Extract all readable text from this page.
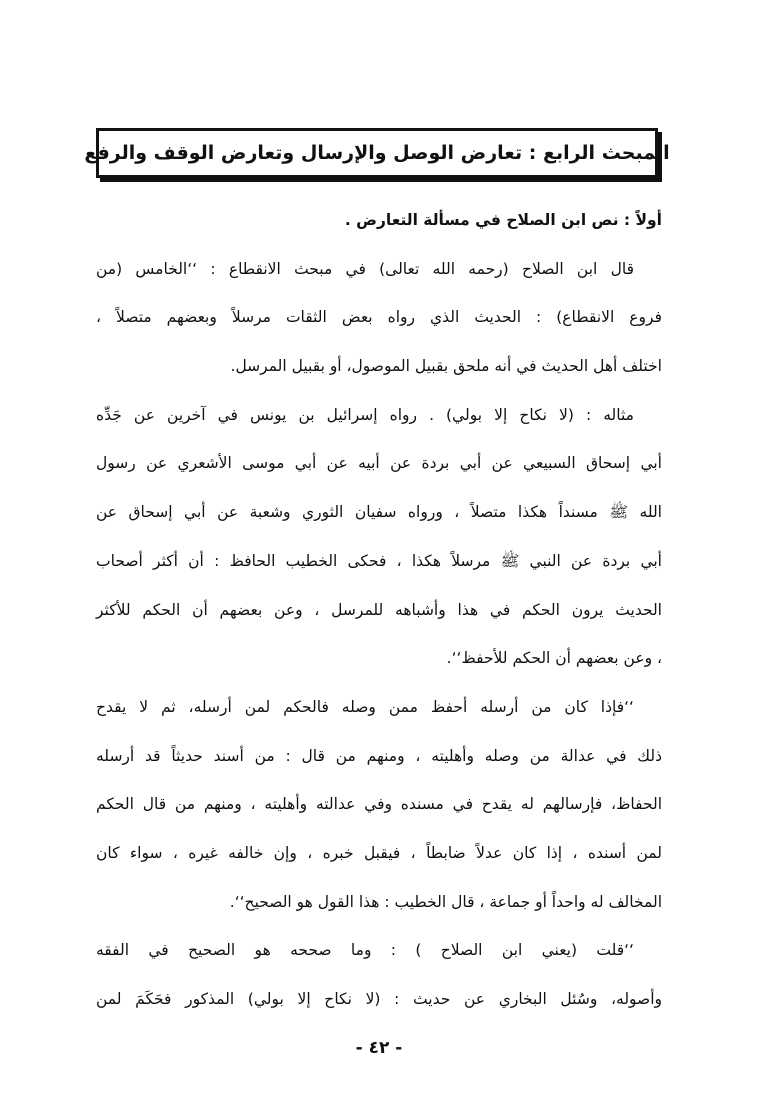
المبحث الرابع : تعارض الوصل والإرسال وتعارض الوقف والرفع
أولاً : نص ابن الصلاح في مسألة التعارض .
قال ابن الصلاح (رحمه الله تعالى) في مبحث الانقطاع : ‘‘الخامس (من
فروع الانقطاع) : الحديث الذي رواه بعض الثقات مرسلاً وبعضهم متصلاً ،
اختلف أهل الحديث في أنه ملحق بقبيل الموصول، أو بقبيل المرسل.
مثاله : (لا نكاح إلا بولي) . رواه إسرائيل بن يونس في آخرين عن جَدِّه
أبي إسحاق السبيعي عن أبي بردة عن أبيه عن أبي موسى الأشعري عن رسول
الله ﷺ مسنداً هكذا متصلاً ، ورواه سفيان الثوري وشعبة عن أبي إسحاق عن
أبي بردة عن النبي ﷺ مرسلاً هكذا ، فحكى الخطيب الحافظ : أن أكثر أصحاب
الحديث يرون الحكم في هذا وأشباهه للمرسل ، وعن بعضهم أن الحكم للأكثر
، وعن بعضهم أن الحكم للأحفظ‘‘.
‘‘فإذا كان من أرسله أحفظ ممن وصله فالحكم لمن أرسله، ثم لا يقدح
ذلك في عدالة من وصله وأهليته ، ومنهم من قال : من أسند حديثاً قد أرسله
الحفاظ، فإرسالهم له يقدح في مسنده وفي عدالته وأهليته ، ومنهم من قال الحكم
لمن أسنده ، إذا كان عدلاً ضابطاً ، فيقبل خبره ، وإن خالفه غيره ، سواء كان
المخالف له واحداً أو جماعة ، قال الخطيب : هذا القول هو الصحيح‘‘.
‘‘قلت (يعني ابن الصلاح ) : وما صححه هو الصحيح في الفقه
وأصوله، وسُئل البخاري عن حديث : (لا نكاح إلا بولي) المذكور فحَكَمَ لمن
- ٤٢ -
